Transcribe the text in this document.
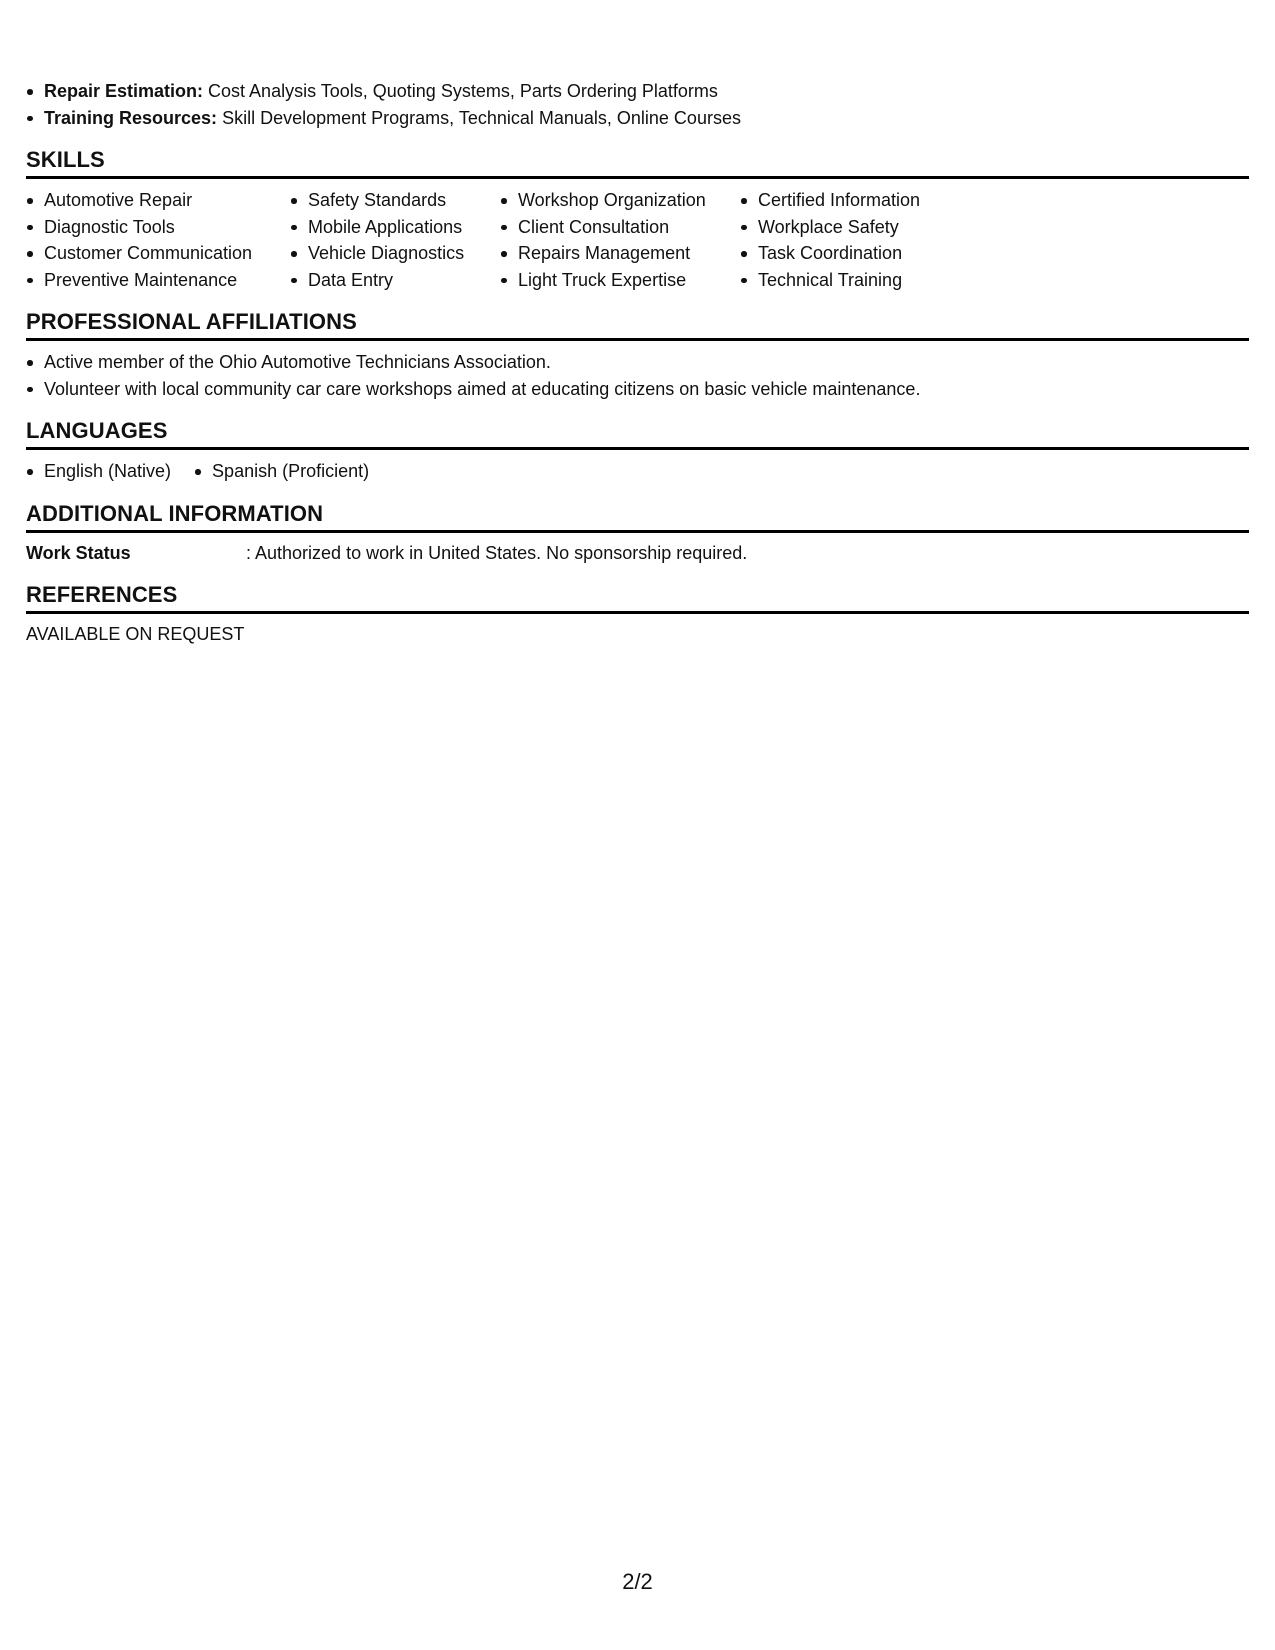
Repair Estimation: Cost Analysis Tools, Quoting Systems, Parts Ordering Platforms
Training Resources: Skill Development Programs, Technical Manuals, Online Courses
SKILLS
Automotive Repair
Diagnostic Tools
Customer Communication
Preventive Maintenance
Safety Standards
Mobile Applications
Vehicle Diagnostics
Data Entry
Workshop Organization
Client Consultation
Repairs Management
Light Truck Expertise
Certified Information
Workplace Safety
Task Coordination
Technical Training
PROFESSIONAL AFFILIATIONS
Active member of the Ohio Automotive Technicians Association.
Volunteer with local community car care workshops aimed at educating citizens on basic vehicle maintenance.
LANGUAGES
English (Native)	Spanish (Proficient)
ADDITIONAL INFORMATION
Work Status	: Authorized to work in United States. No sponsorship required.
REFERENCES
AVAILABLE ON REQUEST
2/2
